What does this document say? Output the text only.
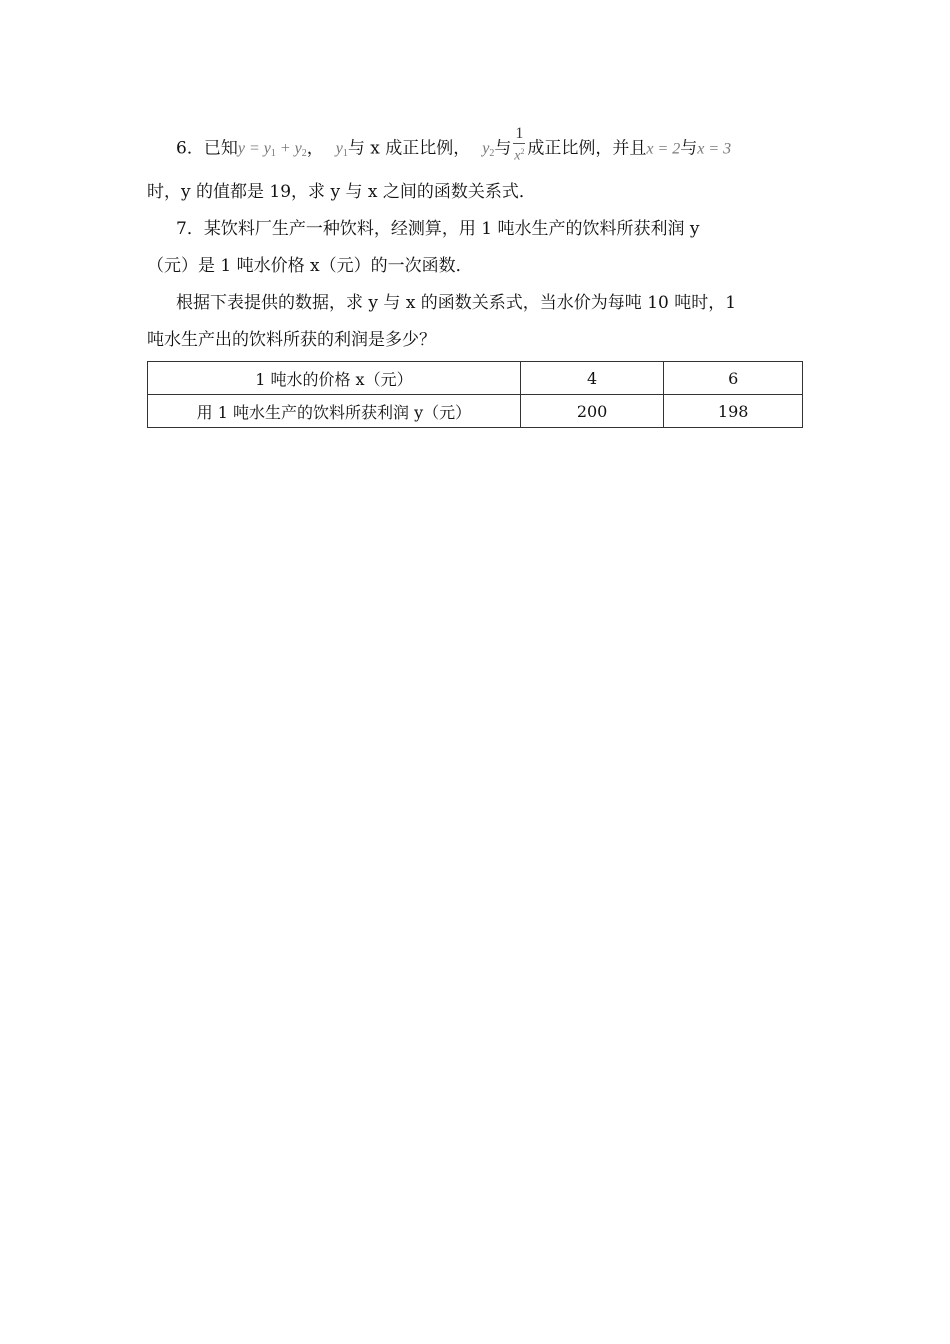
6．已知$y = y_1 + y_2$， $y_1$与 x 成正比例， $y_2$与 $\frac{1}{x^2}$ 成正比例，并且x = 2与x = 3
时，y 的值都是 19，求 y 与 x 之间的函数关系式．
7．某饮料厂生产一种饮料，经测算，用 1 吨水生产的饮料所获利润 y
（元）是 1 吨水价格 x（元）的一次函数．
根据下表提供的数据，求 y 与 x 的函数关系式，当水价为每吨 10 吨时，1
吨水生产出的饮料所获的利润是多少？
1 吨水的价格 x（元）	4	6
用 1 吨水生产的饮料所获利润 y（元）	200	198
